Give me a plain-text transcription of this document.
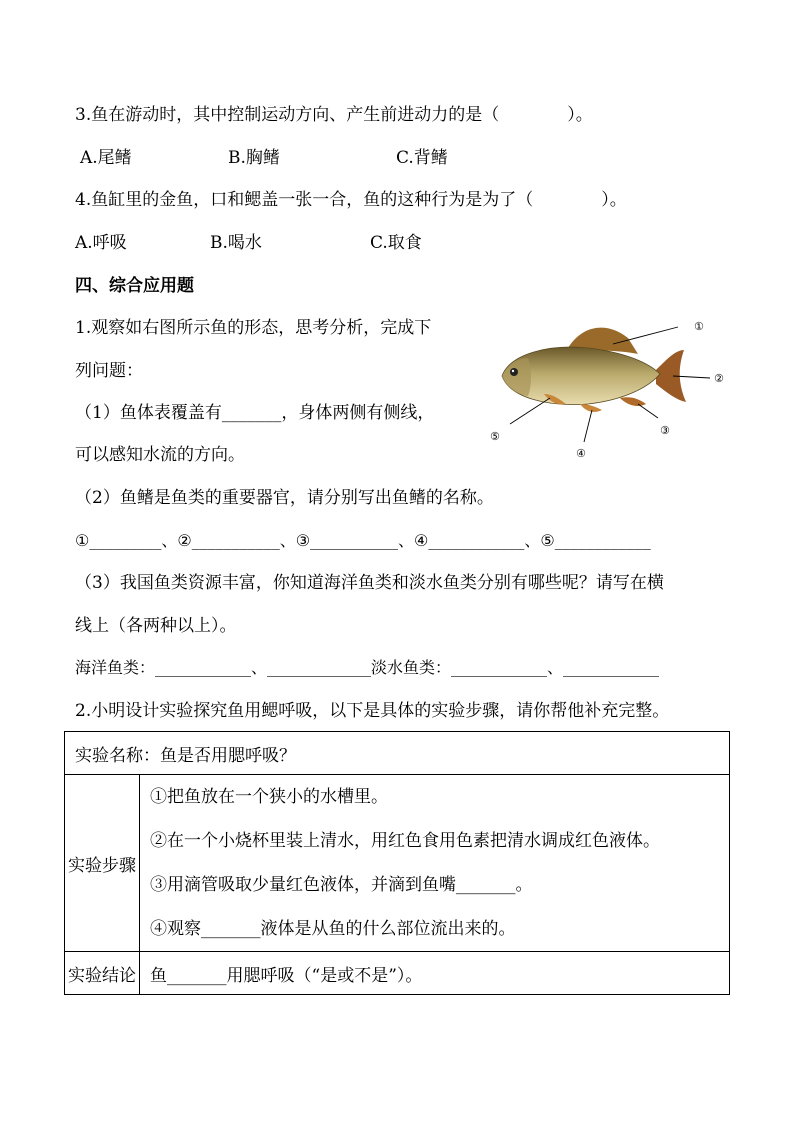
3.鱼在游动时，其中控制运动方向、产生前进动力的是（　　　　）。
A.尾鳍	B.胸鳍	C.背鳍
4.鱼缸里的金鱼，口和鳃盖一张一合，鱼的这种行为是为了（　　　　）。
A.呼吸	B.喝水	C.取食
四、综合应用题
1.观察如右图所示鱼的形态，思考分析，完成下
列问题：
（1）鱼体表覆盖有_______，身体两侧有侧线，
可以感知水流的方向。
（2）鱼鳍是鱼类的重要器官，请分别写出鱼鳍的名称。
①_________、②___________、③___________、④____________、⑤____________
（3）我国鱼类资源丰富，你知道海洋鱼类和淡水鱼类分别有哪些呢？请写在横
线上（各两种以上）。
海洋鱼类：____________、_____________淡水鱼类：____________、____________
①
②
③
④
⑤
2.小明设计实验探究鱼用鳃呼吸，以下是具体的实验步骤，请你帮他补充完整。
实验名称：鱼是否用腮呼吸？	
实验步骤	①把鱼放在一个狭小的水槽里。
②在一个小烧杯里装上清水，用红色食用色素把清水调成红色液体。
③用滴管吸取少量红色液体，并滴到鱼嘴_______。
④观察_______液体是从鱼的什么部位流出来的。

实验结论	鱼_______用腮呼吸（“是或不是”）。
